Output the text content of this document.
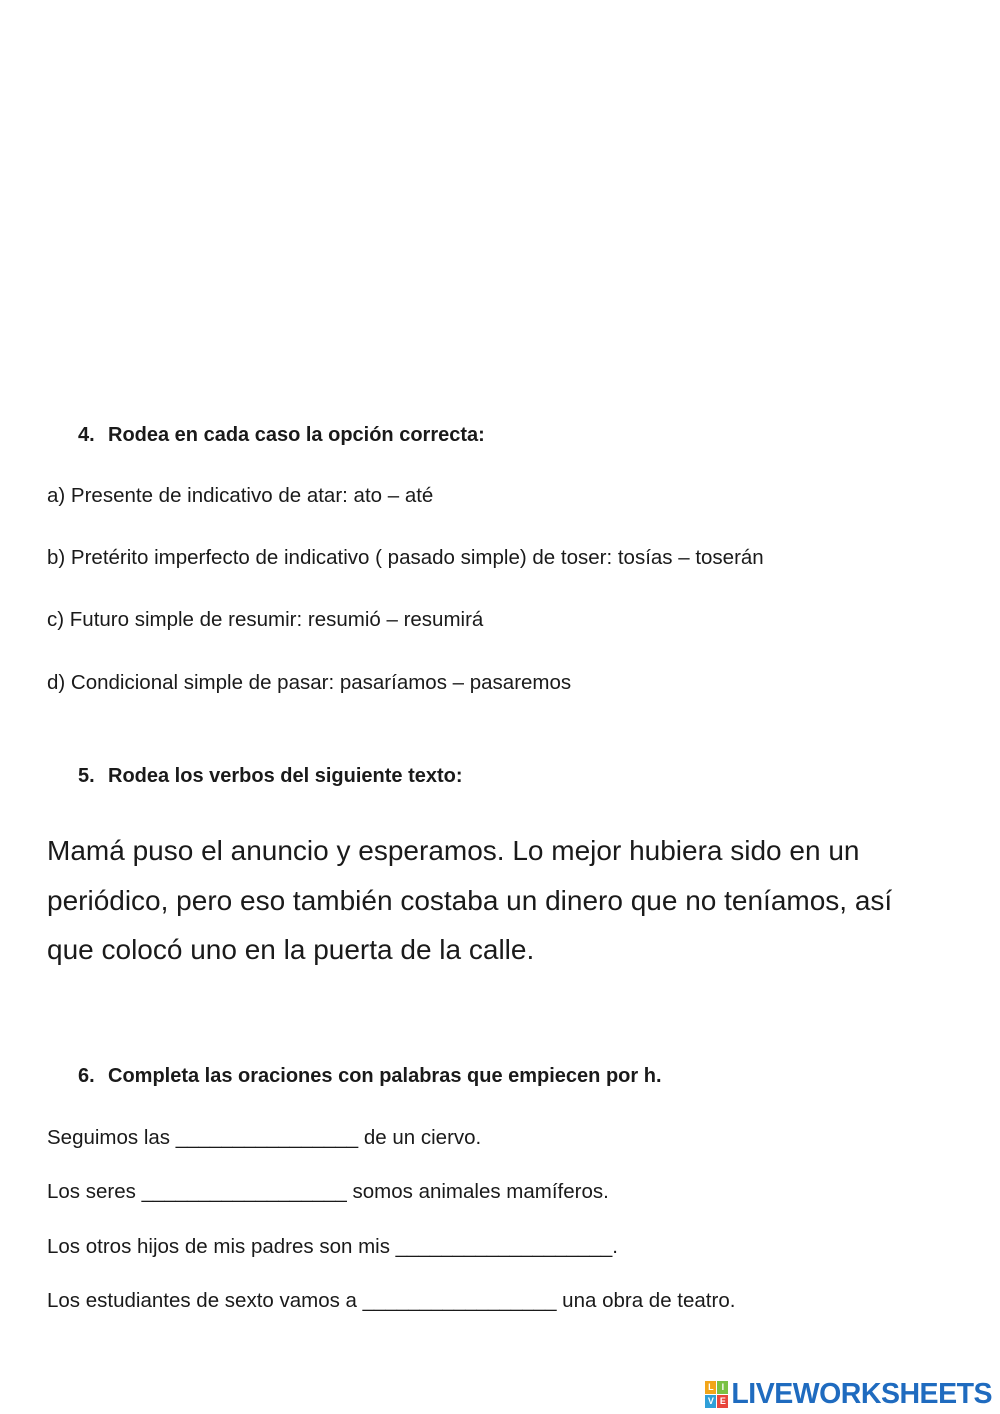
4. Rodea en cada caso la opción correcta:
a) Presente de indicativo de atar: ato – até
b) Pretérito imperfecto de indicativo ( pasado simple) de toser: tosías – toserán
c) Futuro simple de resumir: resumió – resumirá
d) Condicional simple de pasar: pasaríamos – pasaremos
5. Rodea los verbos del siguiente texto:
Mamá puso el anuncio y esperamos. Lo mejor hubiera sido en un
periódico, pero eso también costaba un dinero que no teníamos, así
que colocó uno en la puerta de la calle.
6. Completa las oraciones con palabras que empiecen por h.
Seguimos las ________________ de un ciervo.
Los seres __________________ somos animales mamíferos.
Los otros hijos de mis padres son mis ___________________.
Los estudiantes de sexto vamos a _________________ una obra de teatro.
L I
V E LIVEWORKSHEETS
